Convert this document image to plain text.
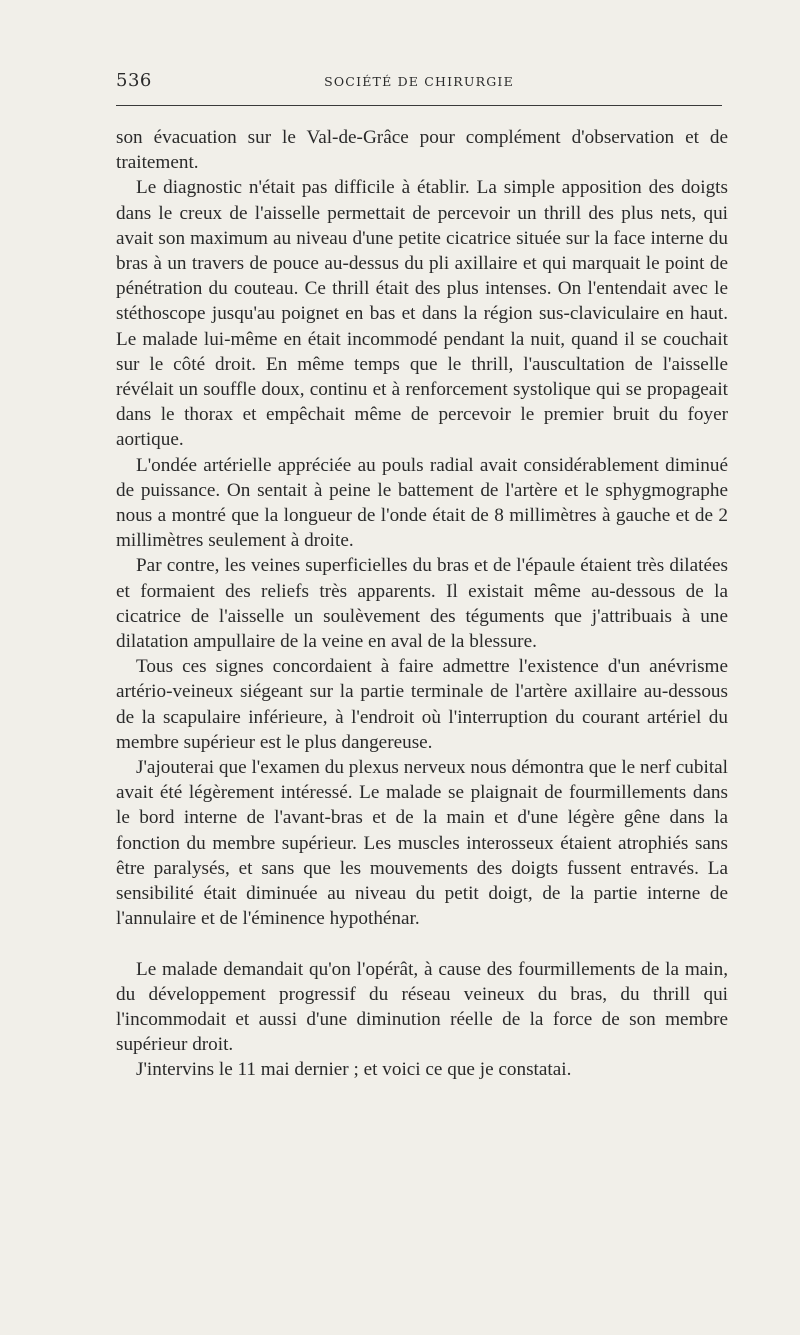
536	SOCIÉTÉ DE CHIRURGIE

son évacuation sur le Val-de-Grâce pour complément d'observation et de traitement.

Le diagnostic n'était pas difficile à établir. La simple apposition des doigts dans le creux de l'aisselle permettait de percevoir un thrill des plus nets, qui avait son maximum au niveau d'une petite cicatrice située sur la face interne du bras à un travers de pouce au-dessus du pli axillaire et qui marquait le point de pénétration du couteau. Ce thrill était des plus intenses. On l'entendait avec le stéthoscope jusqu'au poignet en bas et dans la région sus-claviculaire en haut. Le malade lui-même en était incommodé pendant la nuit, quand il se couchait sur le côté droit. En même temps que le thrill, l'auscultation de l'aisselle révélait un souffle doux, continu et à renforcement systolique qui se propageait dans le thorax et empêchait même de percevoir le premier bruit du foyer aortique.

L'ondée artérielle appréciée au pouls radial avait considérablement diminué de puissance. On sentait à peine le battement de l'artère et le sphygmographe nous a montré que la longueur de l'onde était de 8 millimètres à gauche et de 2 millimètres seulement à droite.

Par contre, les veines superficielles du bras et de l'épaule étaient très dilatées et formaient des reliefs très apparents. Il existait même au-dessous de la cicatrice de l'aisselle un soulèvement des téguments que j'attribuais à une dilatation ampullaire de la veine en aval de la blessure.

Tous ces signes concordaient à faire admettre l'existence d'un anévrisme artério-veineux siégeant sur la partie terminale de l'artère axillaire au-dessous de la scapulaire inférieure, à l'endroit où l'interruption du courant artériel du membre supérieur est le plus dangereuse.

J'ajouterai que l'examen du plexus nerveux nous démontra que le nerf cubital avait été légèrement intéressé. Le malade se plaignait de fourmillements dans le bord interne de l'avant-bras et de la main et d'une légère gêne dans la fonction du membre supérieur. Les muscles interosseux étaient atrophiés sans être paralysés, et sans que les mouvements des doigts fussent entravés. La sensibilité était diminuée au niveau du petit doigt, de la partie interne de l'annulaire et de l'éminence hypothénar.

Le malade demandait qu'on l'opérât, à cause des fourmillements de la main, du développement progressif du réseau veineux du bras, du thrill qui l'incommodait et aussi d'une diminution réelle de la force de son membre supérieur droit.

J'intervins le 11 mai dernier ; et voici ce que je constatai.
